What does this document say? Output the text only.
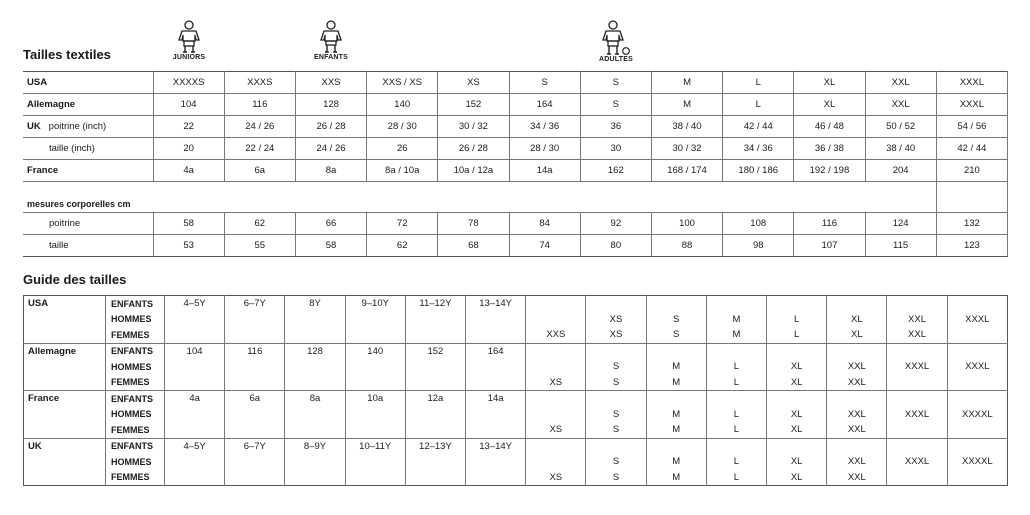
Tailles textiles	JUNIORS	ENFANTS	ADULTES
USA	XXXXS	XXXS	XXS	XXS / XS	XS	S	S	M	L	XL	XXL	XXXL
Allemagne	104	116	128	140	152	164	S	M	L	XL	XXL	XXXL
UK poitrine (inch)	22	24 / 26	26 / 28	28 / 30	30 / 32	34 / 36	36	38 / 40	42 / 44	46 / 48	50 / 52	54 / 56
taille (inch)	20	22 / 24	24 / 26	26	26 / 28	28 / 30	30	30 / 32	34 / 36	36 / 38	38 / 40	42 / 44
France	4a	6a	8a	8a / 10a	10a / 12a	14a	162	168 / 174	180 / 186	192 / 198	204	210

mesures corporelles cm												
poitrine	58	62	66	72	78	84	92	100	108	116	124	132
taille	53	55	58	62	68	74	80	88	98	107	115	123
Guide des tailles
USA	ENFANTS	4–5Y	6–7Y	8Y	9–10Y	11–12Y	13–14Y								
	HOMMES								XS	S	M	L	XL	XXL	XXXL
	FEMMES							XXS	XS	S	M	L	XL	XXL	
Allemagne	ENFANTS	104	116	128	140	152	164								
	HOMMES								S	M	L	XL	XXL	XXXL	XXXL
	FEMMES							XS	S	M	L	XL	XXL		
France	ENFANTS	4a	6a	8a	10a	12a	14a								
	HOMMES								S	M	L	XL	XXL	XXXL	XXXXL
	FEMMES							XS	S	M	L	XL	XXL		
UK	ENFANTS	4–5Y	6–7Y	8–9Y	10–11Y	12–13Y	13–14Y								
	HOMMES								S	M	L	XL	XXL	XXXL	XXXXL
	FEMMES							XS	S	M	L	XL	XXL		
